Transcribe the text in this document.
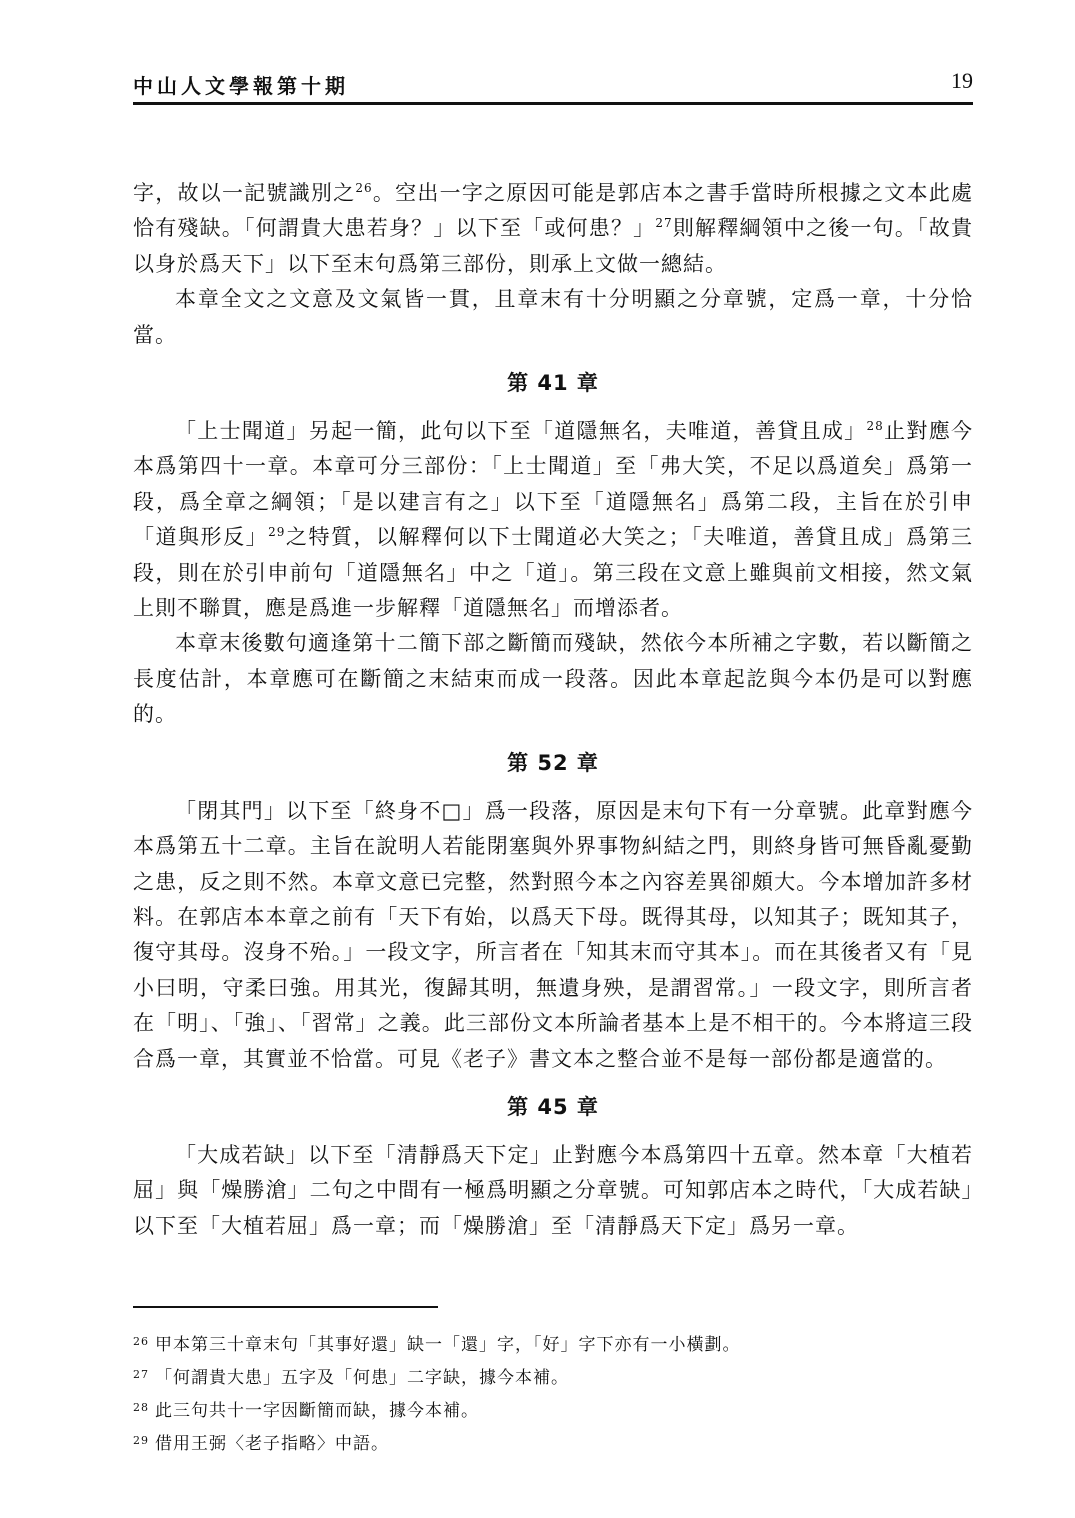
中山人文學報第十期	19

字，故以一記號識別之$^{26}$。空出一字之原因可能是郭店本之書手當時所根據之文本此處恰有殘缺。「何謂貴大患若身？」以下至「或何患？」$^{27}$則解釋綱領中之後一句。「故貴以身於爲天下」以下至末句爲第三部份，則承上文做一總結。

本章全文之文意及文氣皆一貫，且章末有十分明顯之分章號，定爲一章，十分恰當。

第 41 章

「上士聞道」另起一簡，此句以下至「道隱無名，夫唯道，善貸且成」$^{28}$止對應今本爲第四十一章。本章可分三部份：「上士聞道」至「弗大笑，不足以爲道矣」爲第一段，爲全章之綱領；「是以建言有之」以下至「道隱無名」爲第二段，主旨在於引申「道與形反」$^{29}$之特質，以解釋何以下士聞道必大笑之；「夫唯道，善貸且成」爲第三段，則在於引申前句「道隱無名」中之「道」。第三段在文意上雖與前文相接，然文氣上則不聯貫，應是爲進一步解釋「道隱無名」而增添者。

本章末後數句適逢第十二簡下部之斷簡而殘缺，然依今本所補之字數，若以斷簡之長度估計，本章應可在斷簡之末結束而成一段落。因此本章起訖與今本仍是可以對應的。

第 52 章

「閉其門」以下至「終身不□」爲一段落，原因是末句下有一分章號。此章對應今本爲第五十二章。主旨在說明人若能閉塞與外界事物糾結之門，則終身皆可無昏亂憂勤之患，反之則不然。本章文意已完整，然對照今本之內容差異卻頗大。今本增加許多材料。在郭店本本章之前有「天下有始，以爲天下母。既得其母，以知其子；既知其子，復守其母。沒身不殆。」一段文字，所言者在「知其末而守其本」。而在其後者又有「見小曰明，守柔曰強。用其光，復歸其明，無遺身殃，是謂習常。」一段文字，則所言者在「明」、「強」、「習常」之義。此三部份文本所論者基本上是不相干的。今本將這三段合爲一章，其實並不恰當。可見《老子》書文本之整合並不是每一部份都是適當的。

第 45 章

「大成若缺」以下至「清靜爲天下定」止對應今本爲第四十五章。然本章「大植若屈」與「燥勝滄」二句之中間有一極爲明顯之分章號。可知郭店本之時代，「大成若缺」以下至「大植若屈」爲一章；而「燥勝滄」至「清靜爲天下定」爲另一章。

26 甲本第三十章末句「其事好還」缺一「還」字，「好」字下亦有一小橫劃。

27 「何謂貴大患」五字及「何患」二字缺，據今本補。

28 此三句共十一字因斷簡而缺，據今本補。

29 借用王弼〈老子指略〉中語。
